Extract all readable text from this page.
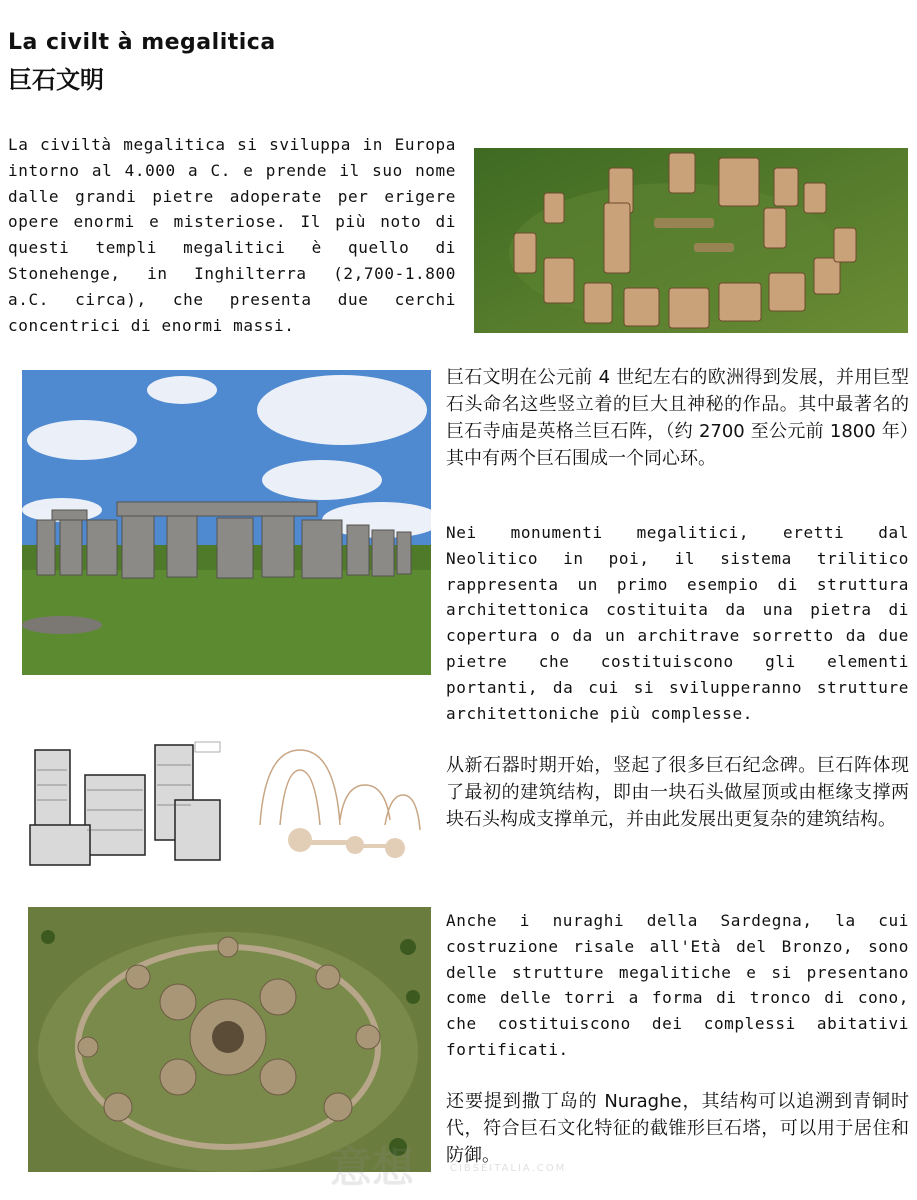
La civilt à megalitica
巨石文明
La civiltà megalitica si sviluppa in Europa intorno al 4.000 a C. e prende il suo nome dalle grandi pietre adoperate per erigere opere enormi e misteriose. Il più noto di questi templi megalitici è quello di Stonehenge, in Inghilterra (2,700-1.800 a.C. circa), che presenta due cerchi concentrici di enormi massi.
巨石文明在公元前 4 世纪左右的欧洲得到发展，并用巨型石头命名这些竖立着的巨大且神秘的作品。其中最著名的巨石寺庙是英格兰巨石阵，（约 2700 至公元前 1800 年）其中有两个巨石围成一个同心环。
Nei monumenti megalitici, eretti dal Neolitico in poi, il sistema trilitico rappresenta un primo esempio di struttura architettonica costituita da una pietra di copertura o da un architrave sorretto da due pietre che costituiscono gli elementi portanti, da cui si svilupperanno strutture architettoniche più complesse.
从新石器时期开始，竖起了很多巨石纪念碑。巨石阵体现了最初的建筑结构，即由一块石头做屋顶或由框缘支撑两块石头构成支撑单元，并由此发展出更复杂的建筑结构。
Anche i nuraghi della Sardegna, la cui costruzione risale all'Età del Bronzo, sono delle strutture megalitiche e si presentano come delle torri a forma di tronco di cono, che costituiscono dei complessi abitativi fortificati.
还要提到撒丁岛的 Nuraghe，其结构可以追溯到青铜时代，符合巨石文化特征的截锥形巨石塔，可以用于居住和防御。
意想	CIBSEITALIA.COM
